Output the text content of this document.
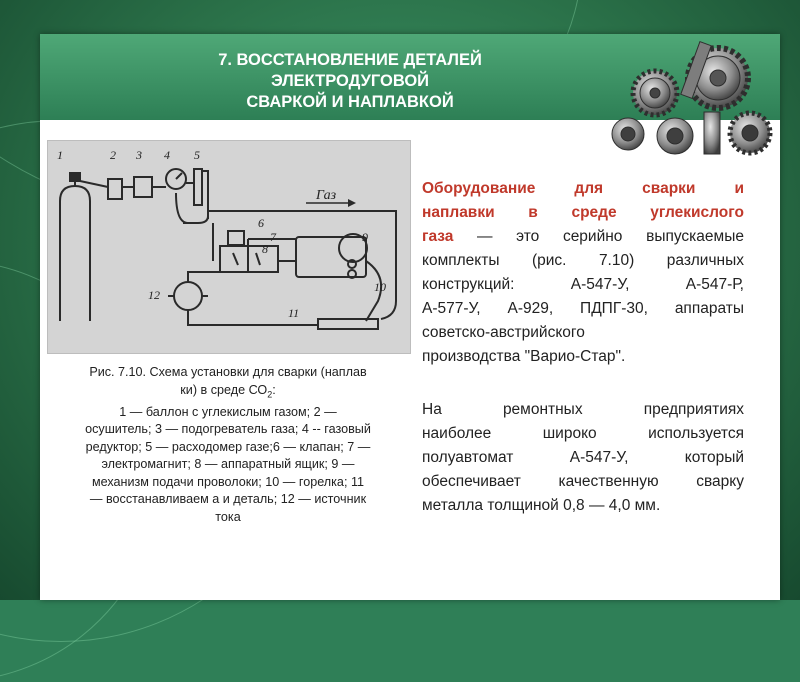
7. ВОССТАНОВЛЕНИЕ ДЕТАЛЕЙ
ЭЛЕКТРОДУГОВОЙ
СВАРКОЙ И НАПЛАВКОЙ
1	2 3 4 5
6
7
8
9
10
11
12
Газ
Рис. 7.10. Схема установки для сварки (наплав
ки) в среде $СО_2$:
1 — баллон с углекислым газом; 2 —
осушитель; 3 — подогреватель газа; 4 -- газовый
редуктор; 5 — расходомер газе;6 — клапан; 7 —
электромагнит; 8 — аппаратный ящик; 9 —
механизм подачи проволоки; 10 — горелка; 11
— восстанавливаем а и деталь; 12 — источник
тока
Оборудование	для	сварки	и
наплавки в среде углекислого
газа — это серийно выпускаемые
комплекты (рис. 7.10) различных
конструкций:	А-547-У,	А-547-Р,
А-577-У, А-929, ПДПГ-30, аппараты
советско-австрийского
производства "Варио-Стар".
На	ремонтных	предприятиях
наиболее	широко	используется
полуавтомат	А-547-У,	который
обеспечивает качественную сварку
металла толщиной 0,8 — 4,0 мм.
